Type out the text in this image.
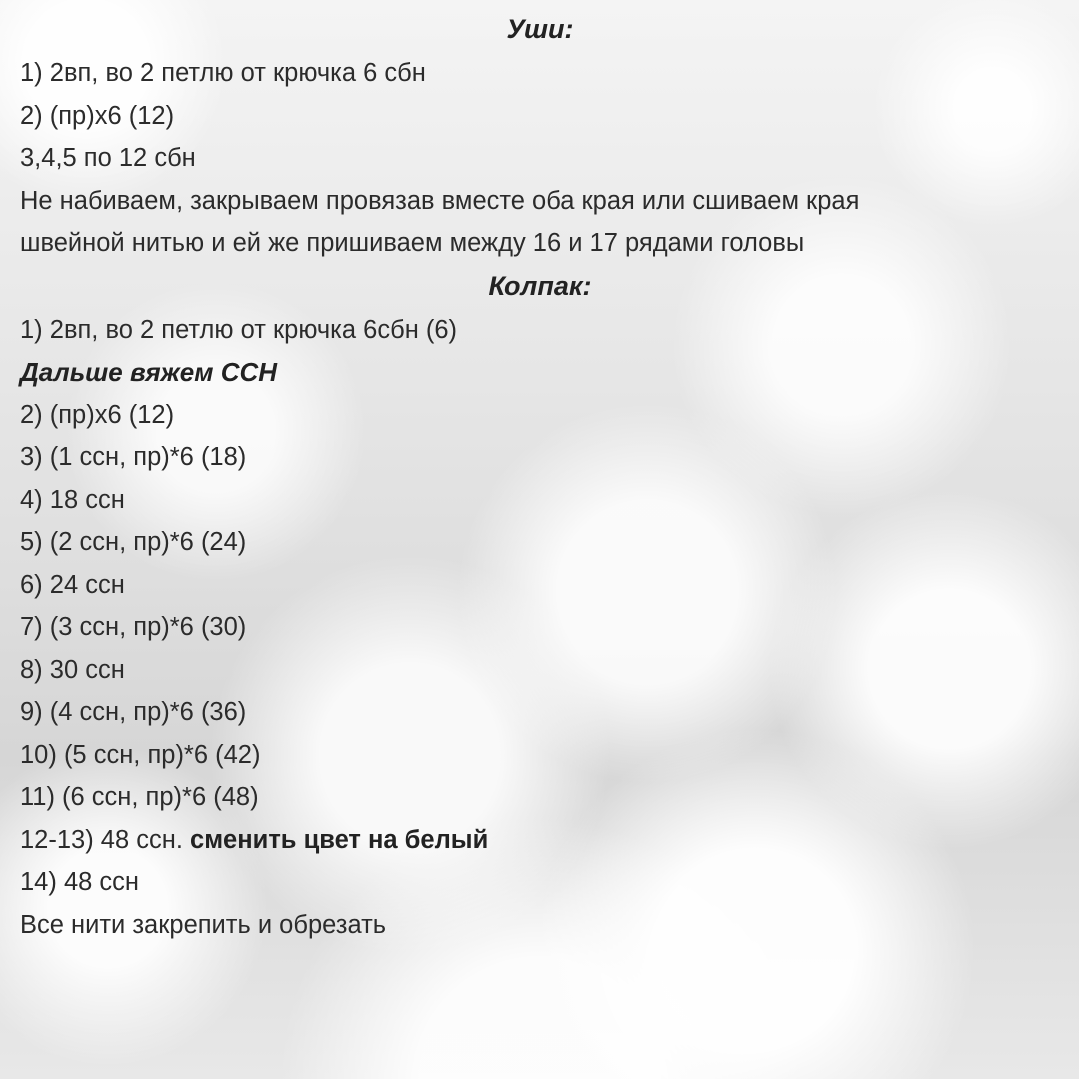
Уши:
1) 2вп, во 2 петлю от крючка 6 сбн
2) (пр)х6 (12)
3,4,5 по 12 сбн
Не набиваем, закрываем провязав вместе оба края или сшиваем края
швейной нитью и ей же пришиваем между 16 и 17 рядами головы
Колпак:
1) 2вп, во 2 петлю от крючка 6сбн (6)
Дальше вяжем ССН
2) (пр)х6 (12)
3) (1 ссн, пр)*6 (18)
4) 18 ссн
5) (2 ссн, пр)*6 (24)
6) 24 ссн
7) (3 ссн, пр)*6 (30)
8) 30 ссн
9) (4 ссн, пр)*6 (36)
10) (5 ссн, пр)*6 (42)
11) (6 ссн, пр)*6 (48)
12-13) 48 ссн. сменить цвет на белый
14) 48 ссн
Все нити закрепить и обрезать
